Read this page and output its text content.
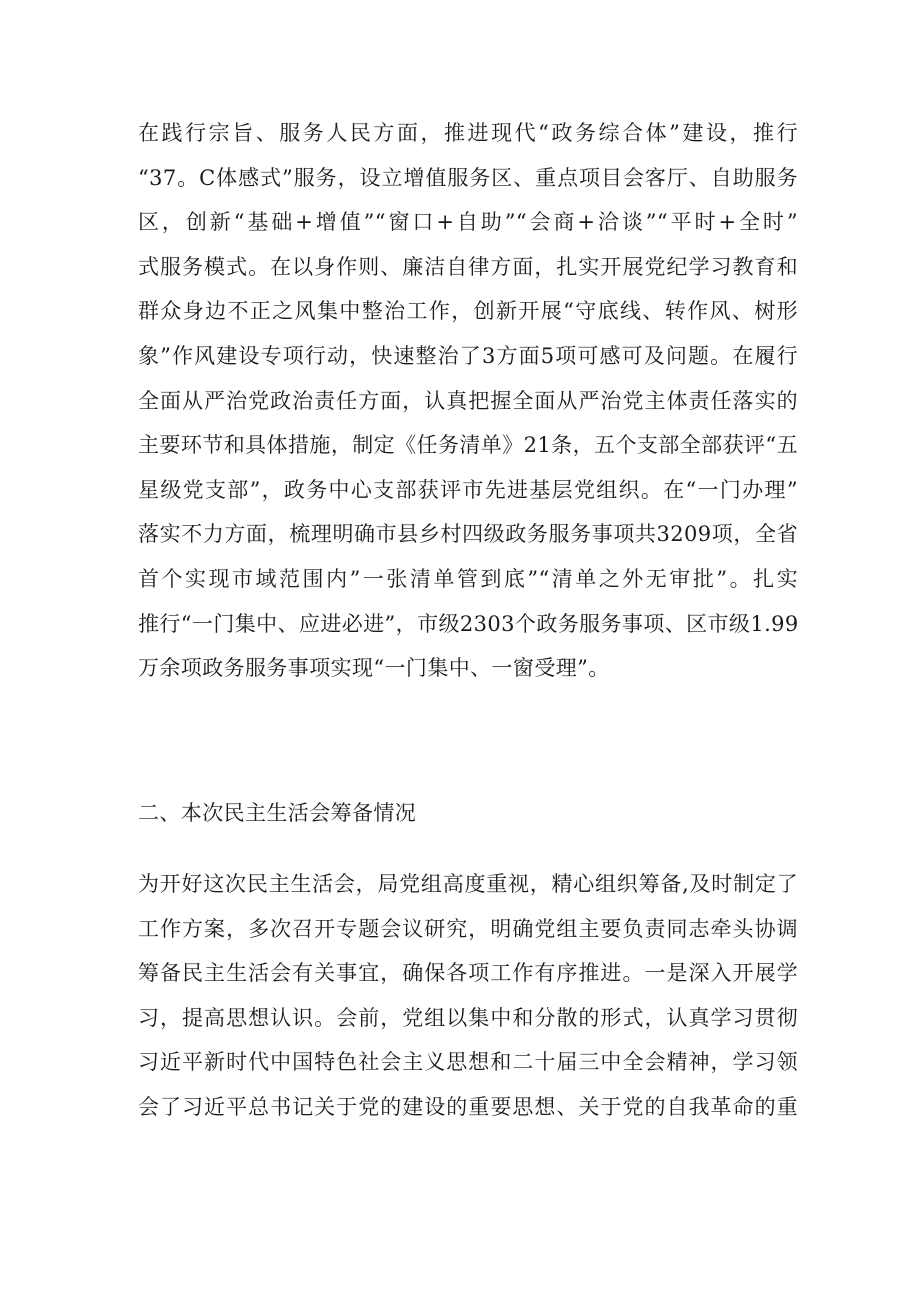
在践行宗旨、服务人民方面，推进现代“政务综合体”建设，推行
“37。C体感式”服务，设立增值服务区、重点项目会客厅、自助服务
区，创新“基础+增值”“窗口+自助”“会商+洽谈”“平时+全时”
式服务模式。在以身作则、廉洁自律方面，扎实开展党纪学习教育和
群众身边不正之风集中整治工作，创新开展“守底线、转作风、树形
象”作风建设专项行动，快速整治了3方面5项可感可及问题。在履行
全面从严治党政治责任方面，认真把握全面从严治党主体责任落实的
主要环节和具体措施，制定《任务清单》21条，五个支部全部获评“五
星级党支部”，政务中心支部获评市先进基层党组织。在“一门办理”
落实不力方面，梳理明确市县乡村四级政务服务事项共3209项，全省
首个实现市域范围内”一张清单管到底”“清单之外无审批”。扎实
推行“一门集中、应进必进”，市级2303个政务服务事项、区市级1.99
万余项政务服务事项实现“一门集中、一窗受理”。
二、本次民主生活会筹备情况
为开好这次民主生活会，局党组高度重视，精心组织筹备,及时制定了
工作方案，多次召开专题会议研究，明确党组主要负责同志牵头协调
筹备民主生活会有关事宜，确保各项工作有序推进。一是深入开展学
习，提高思想认识。会前，党组以集中和分散的形式，认真学习贯彻
习近平新时代中国特色社会主义思想和二十届三中全会精神，学习领
会了习近平总书记关于党的建设的重要思想、关于党的自我革命的重
